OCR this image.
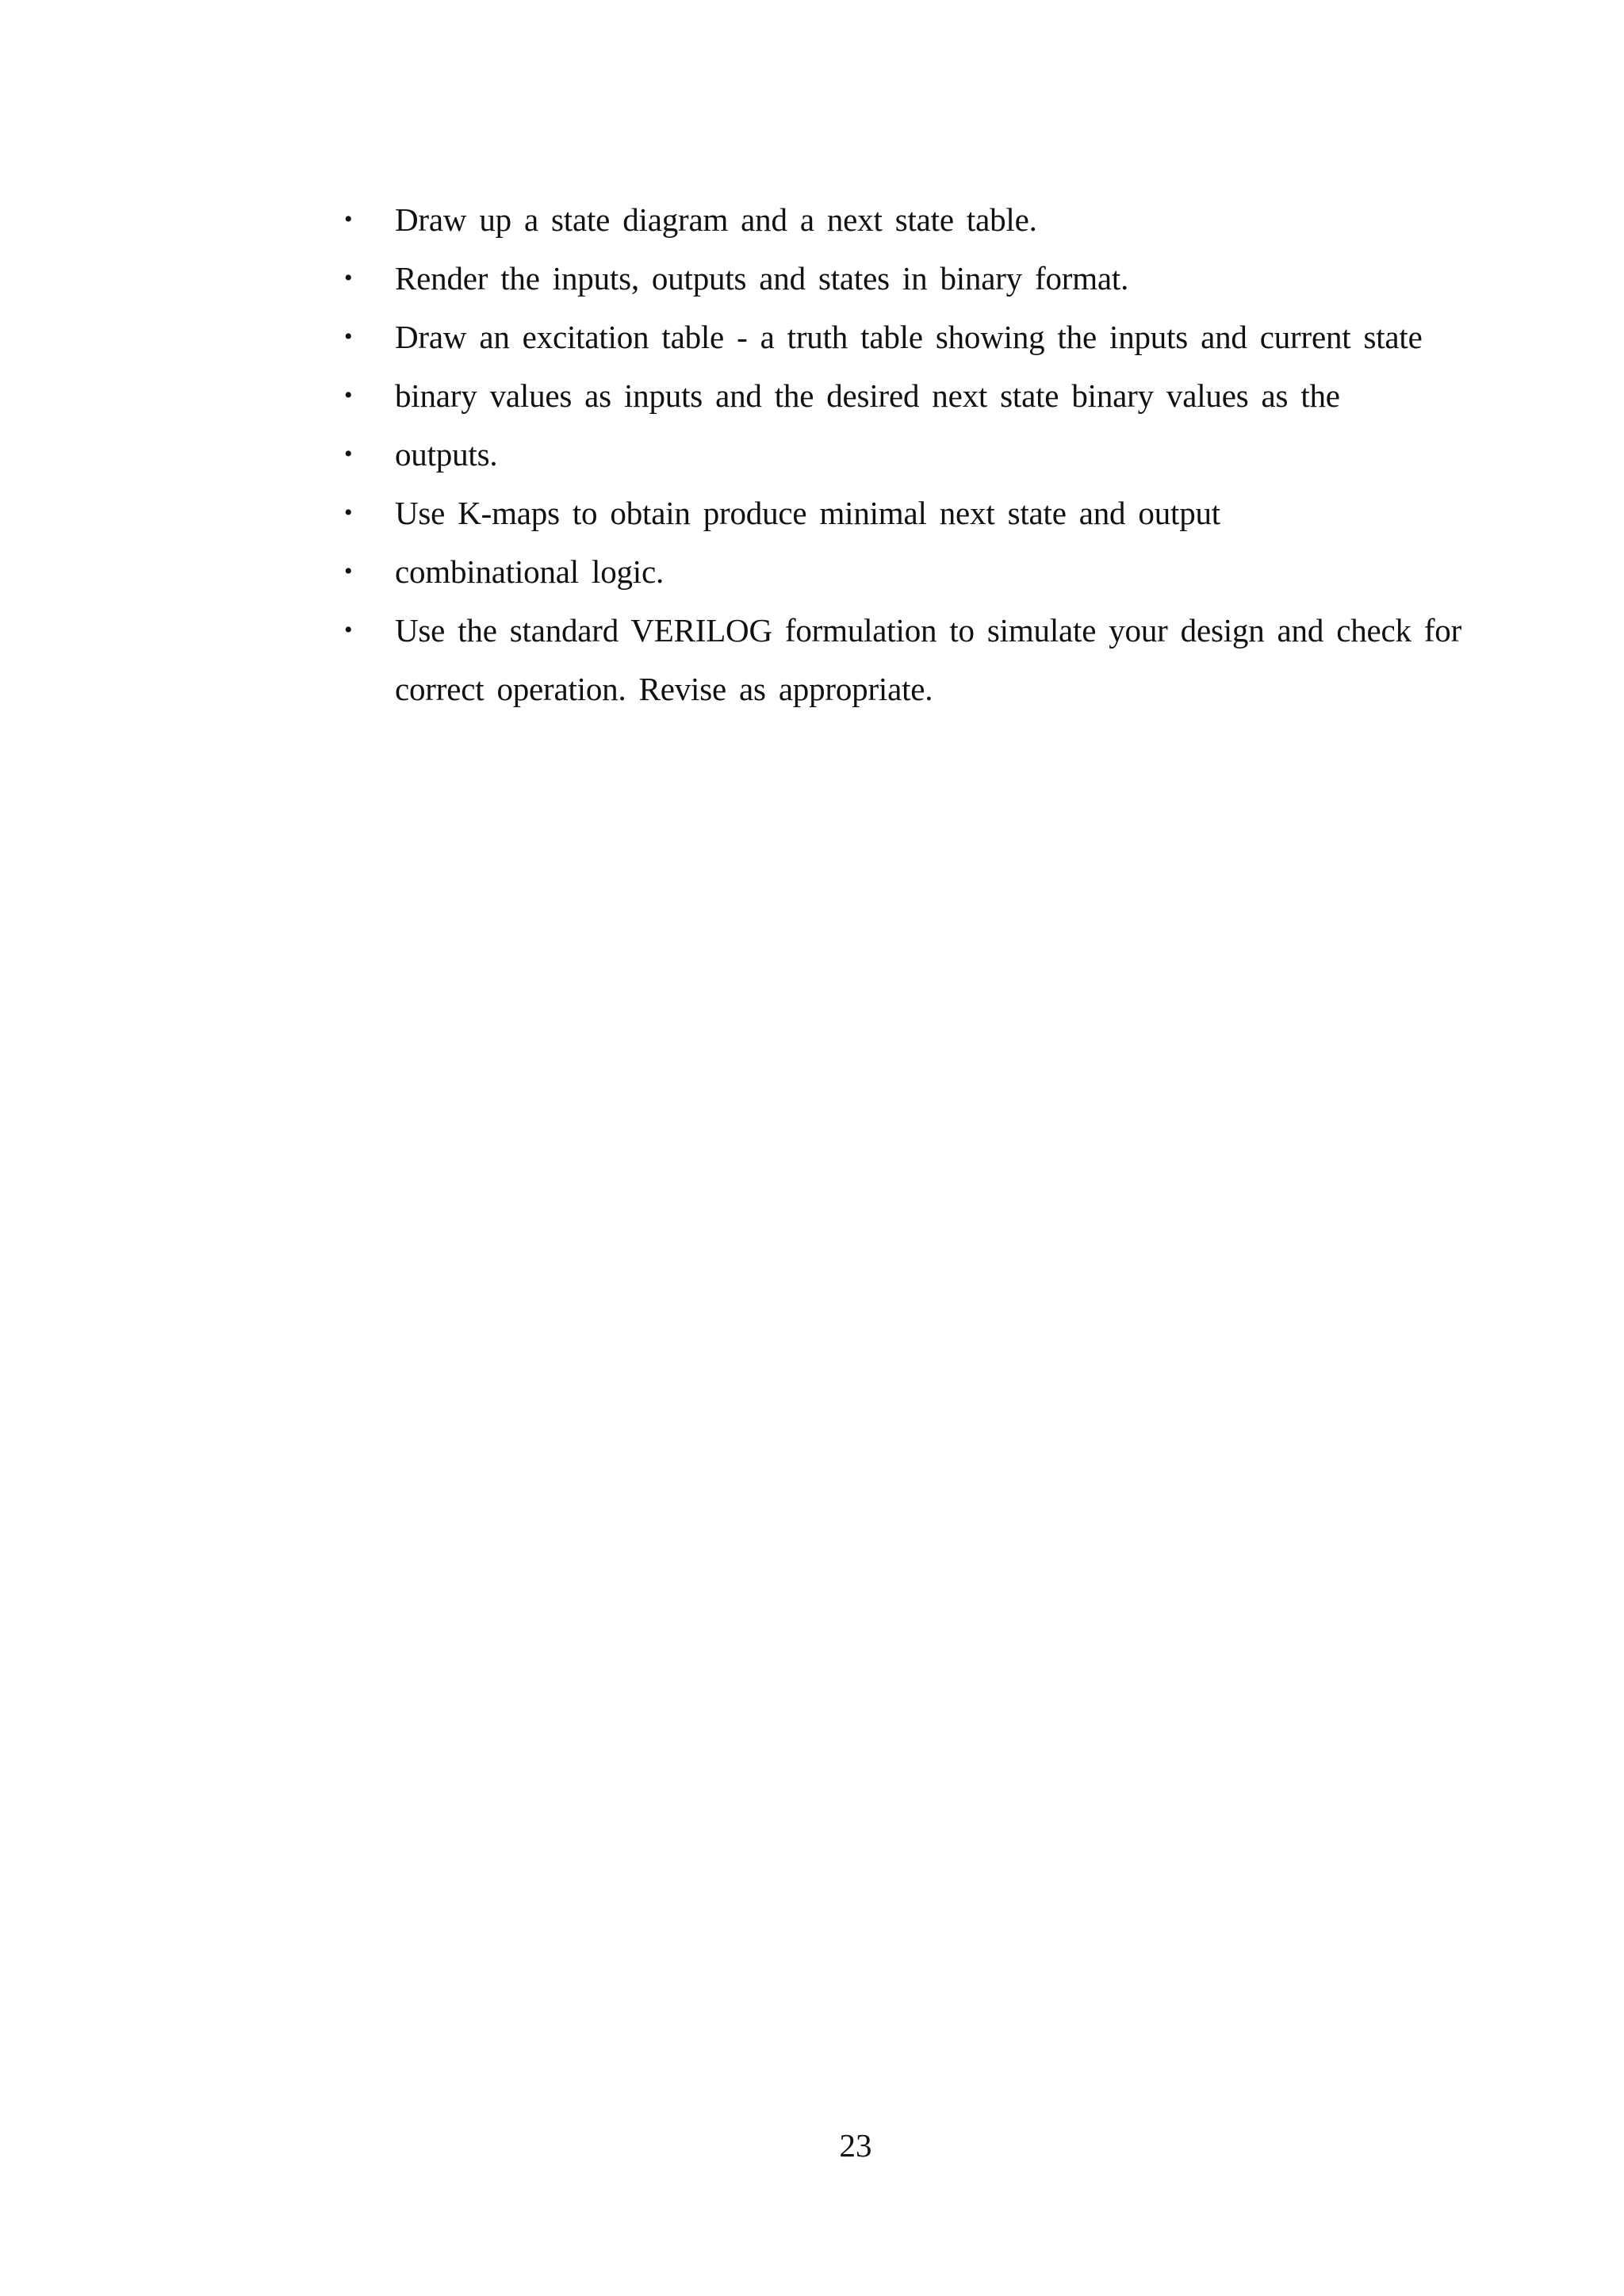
•	Draw up a state diagram and a next state table.
•	Render the inputs, outputs and states in binary format.
•	Draw an excitation table - a truth table showing the inputs and current state
•	binary values as inputs and the desired next state binary values as the
•	outputs.
•	Use K-maps to obtain produce minimal next state and output
•	combinational logic.
•	Use the standard VERILOG formulation to simulate your design and check for correct operation. Revise as appropriate.
23
